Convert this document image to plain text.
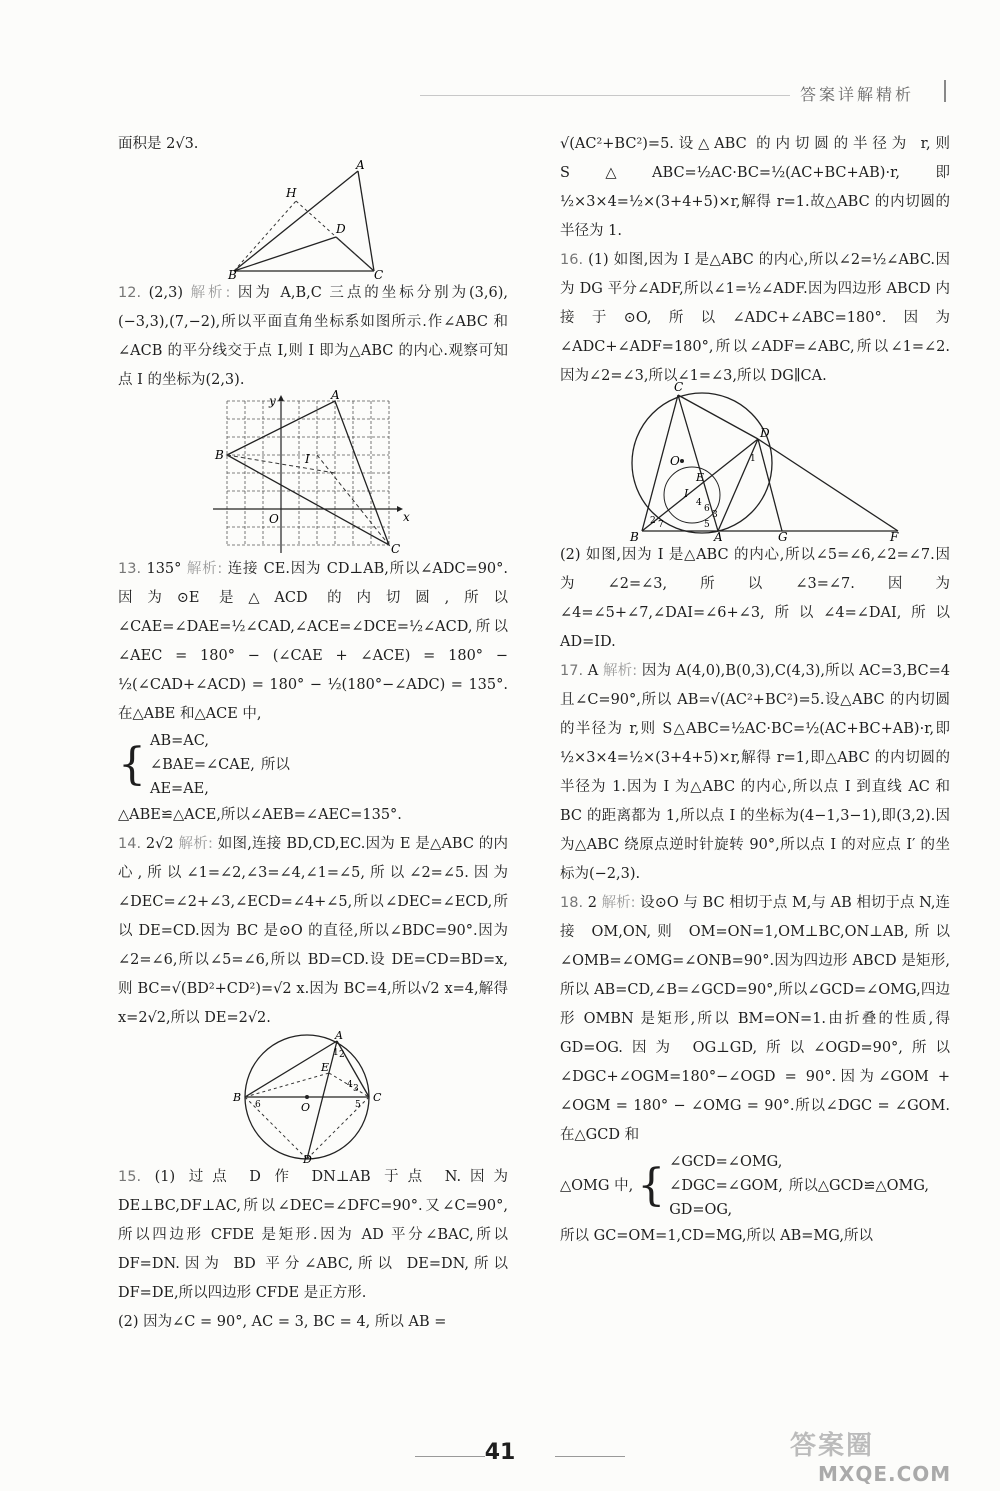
答案详解精析

面积是 2√3.

A
H
D
B	C

12. (2,3) 解析: 因为 A,B,C 三点的坐标分别为(3,6),(−3,3),(7,−2),所以平面直角坐标系如图所示.作∠ABC 和∠ACB 的平分线交于点 I,则 I 即为△ABC 的内心.观察可知点 I 的坐标为(2,3).

y
x
A
B	I
O
C

13. 135° 解析: 连接 CE.因为 CD⊥AB,所以∠ADC=90°.因为⊙E 是△ACD 的内切圆,所以∠CAE=∠DAE=½∠CAD,∠ACE=∠DCE=½∠ACD,所以∠AEC = 180° − (∠CAE + ∠ACE) = 180° − ½(∠CAD+∠ACD) = 180° − ½(180°−∠ADC) = 135°.在△ABE 和△ACE 中,

{ AB=AC,
∠BAE=∠CAE,
AE=AE,
所以

△ABE≌△ACE,所以∠AEB=∠AEC=135°.

14. 2√2 解析: 如图,连接 BD,CD,EC.因为 E 是△ABC 的内心,所以∠1=∠2,∠3=∠4,∠1=∠5,所以∠2=∠5.因为∠DEC=∠2+∠3,∠ECD=∠4+∠5,所以∠DEC=∠ECD,所以 DE=CD.因为 BC 是⊙O 的直径,所以∠BDC=90°.因为∠2=∠6,所以∠5=∠6,所以 BD=CD.设 DE=CD=BD=x,则 BC=√(BD²+CD²)=√2 x.因为 BC=4,所以√2 x=4,解得 x=2√2,所以 DE=2√2.

A
B	C
D
E
O
1 2
3
4
5
6

15. (1) 过点 D 作 DN⊥AB 于点 N.因为 DE⊥BC,DF⊥AC,所以∠DEC=∠DFC=90°.又∠C=90°,所以四边形 CFDE 是矩形.因为 AD 平分∠BAC,所以 DF=DN.因为 BD 平分∠ABC,所以 DE=DN,所以 DF=DE,所以四边形 CFDE 是正方形.

(2) 因为∠C = 90°, AC = 3, BC = 4, 所以 AB =

√(AC²+BC²)=5.设△ABC 的内切圆的半径为 r,则 S△ABC=½AC·BC=½(AC+BC+AB)·r,即½×3×4=½×(3+4+5)×r,解得 r=1.故△ABC 的内切圆的半径为 1.

16. (1) 如图,因为 I 是△ABC 的内心,所以∠2=½∠ABC.因为 DG 平分∠ADF,所以∠1=½∠ADF.因为四边形 ABCD 内接于⊙O,所以∠ADC+∠ABC=180°.因为∠ADC+∠ADF=180°,所以∠ADF=∠ABC,所以∠1=∠2.因为∠2=∠3,所以∠1=∠3,所以 DG∥CA.

C
D
O
E
I
B	A	G	F
1
2
3
4
5
6
7

(2) 如图,因为 I 是△ABC 的内心,所以∠5=∠6,∠2=∠7.因为∠2=∠3,所以∠3=∠7.因为∠4=∠5+∠7,∠DAI=∠6+∠3,所以∠4=∠DAI,所以 AD=ID.

17. A 解析: 因为 A(4,0),B(0,3),C(4,3),所以 AC=3,BC=4 且∠C=90°,所以 AB=√(AC²+BC²)=5.设△ABC 的内切圆的半径为 r,则 S△ABC=½AC·BC=½(AC+BC+AB)·r,即½×3×4=½×(3+4+5)×r,解得 r=1,即△ABC 的内切圆的半径为 1.因为 I 为△ABC 的内心,所以点 I 到直线 AC 和 BC 的距离都为 1,所以点 I 的坐标为(4−1,3−1),即(3,2).因为△ABC 绕原点逆时针旋转 90°,所以点 I 的对应点 I′ 的坐标为(−2,3).

18. 2 解析: 设⊙O 与 BC 相切于点 M,与 AB 相切于点 N,连接 OM,ON,则 OM=ON=1,OM⊥BC,ON⊥AB,所以∠OMB=∠OMG=∠ONB=90°.因为四边形 ABCD 是矩形,所以 AB=CD,∠B=∠GCD=90°,所以∠GCD=∠OMG,四边形 OMBN 是矩形,所以 BM=ON=1.由折叠的性质,得 GD=OG.因为 OG⊥GD,所以∠OGD=90°,所以∠DGC+∠OGM=180°−∠OGD = 90°.因为∠GOM + ∠OGM = 180° − ∠OMG = 90°.所以∠DGC = ∠GOM.在△GCD 和

△OMG 中, { ∠GCD=∠OMG,
∠DGC=∠GOM,
GD=OG,
所以△GCD≌△OMG,

所以 GC=OM=1,CD=MG,所以 AB=MG,所以

41	答案圈
MXQE.COM
